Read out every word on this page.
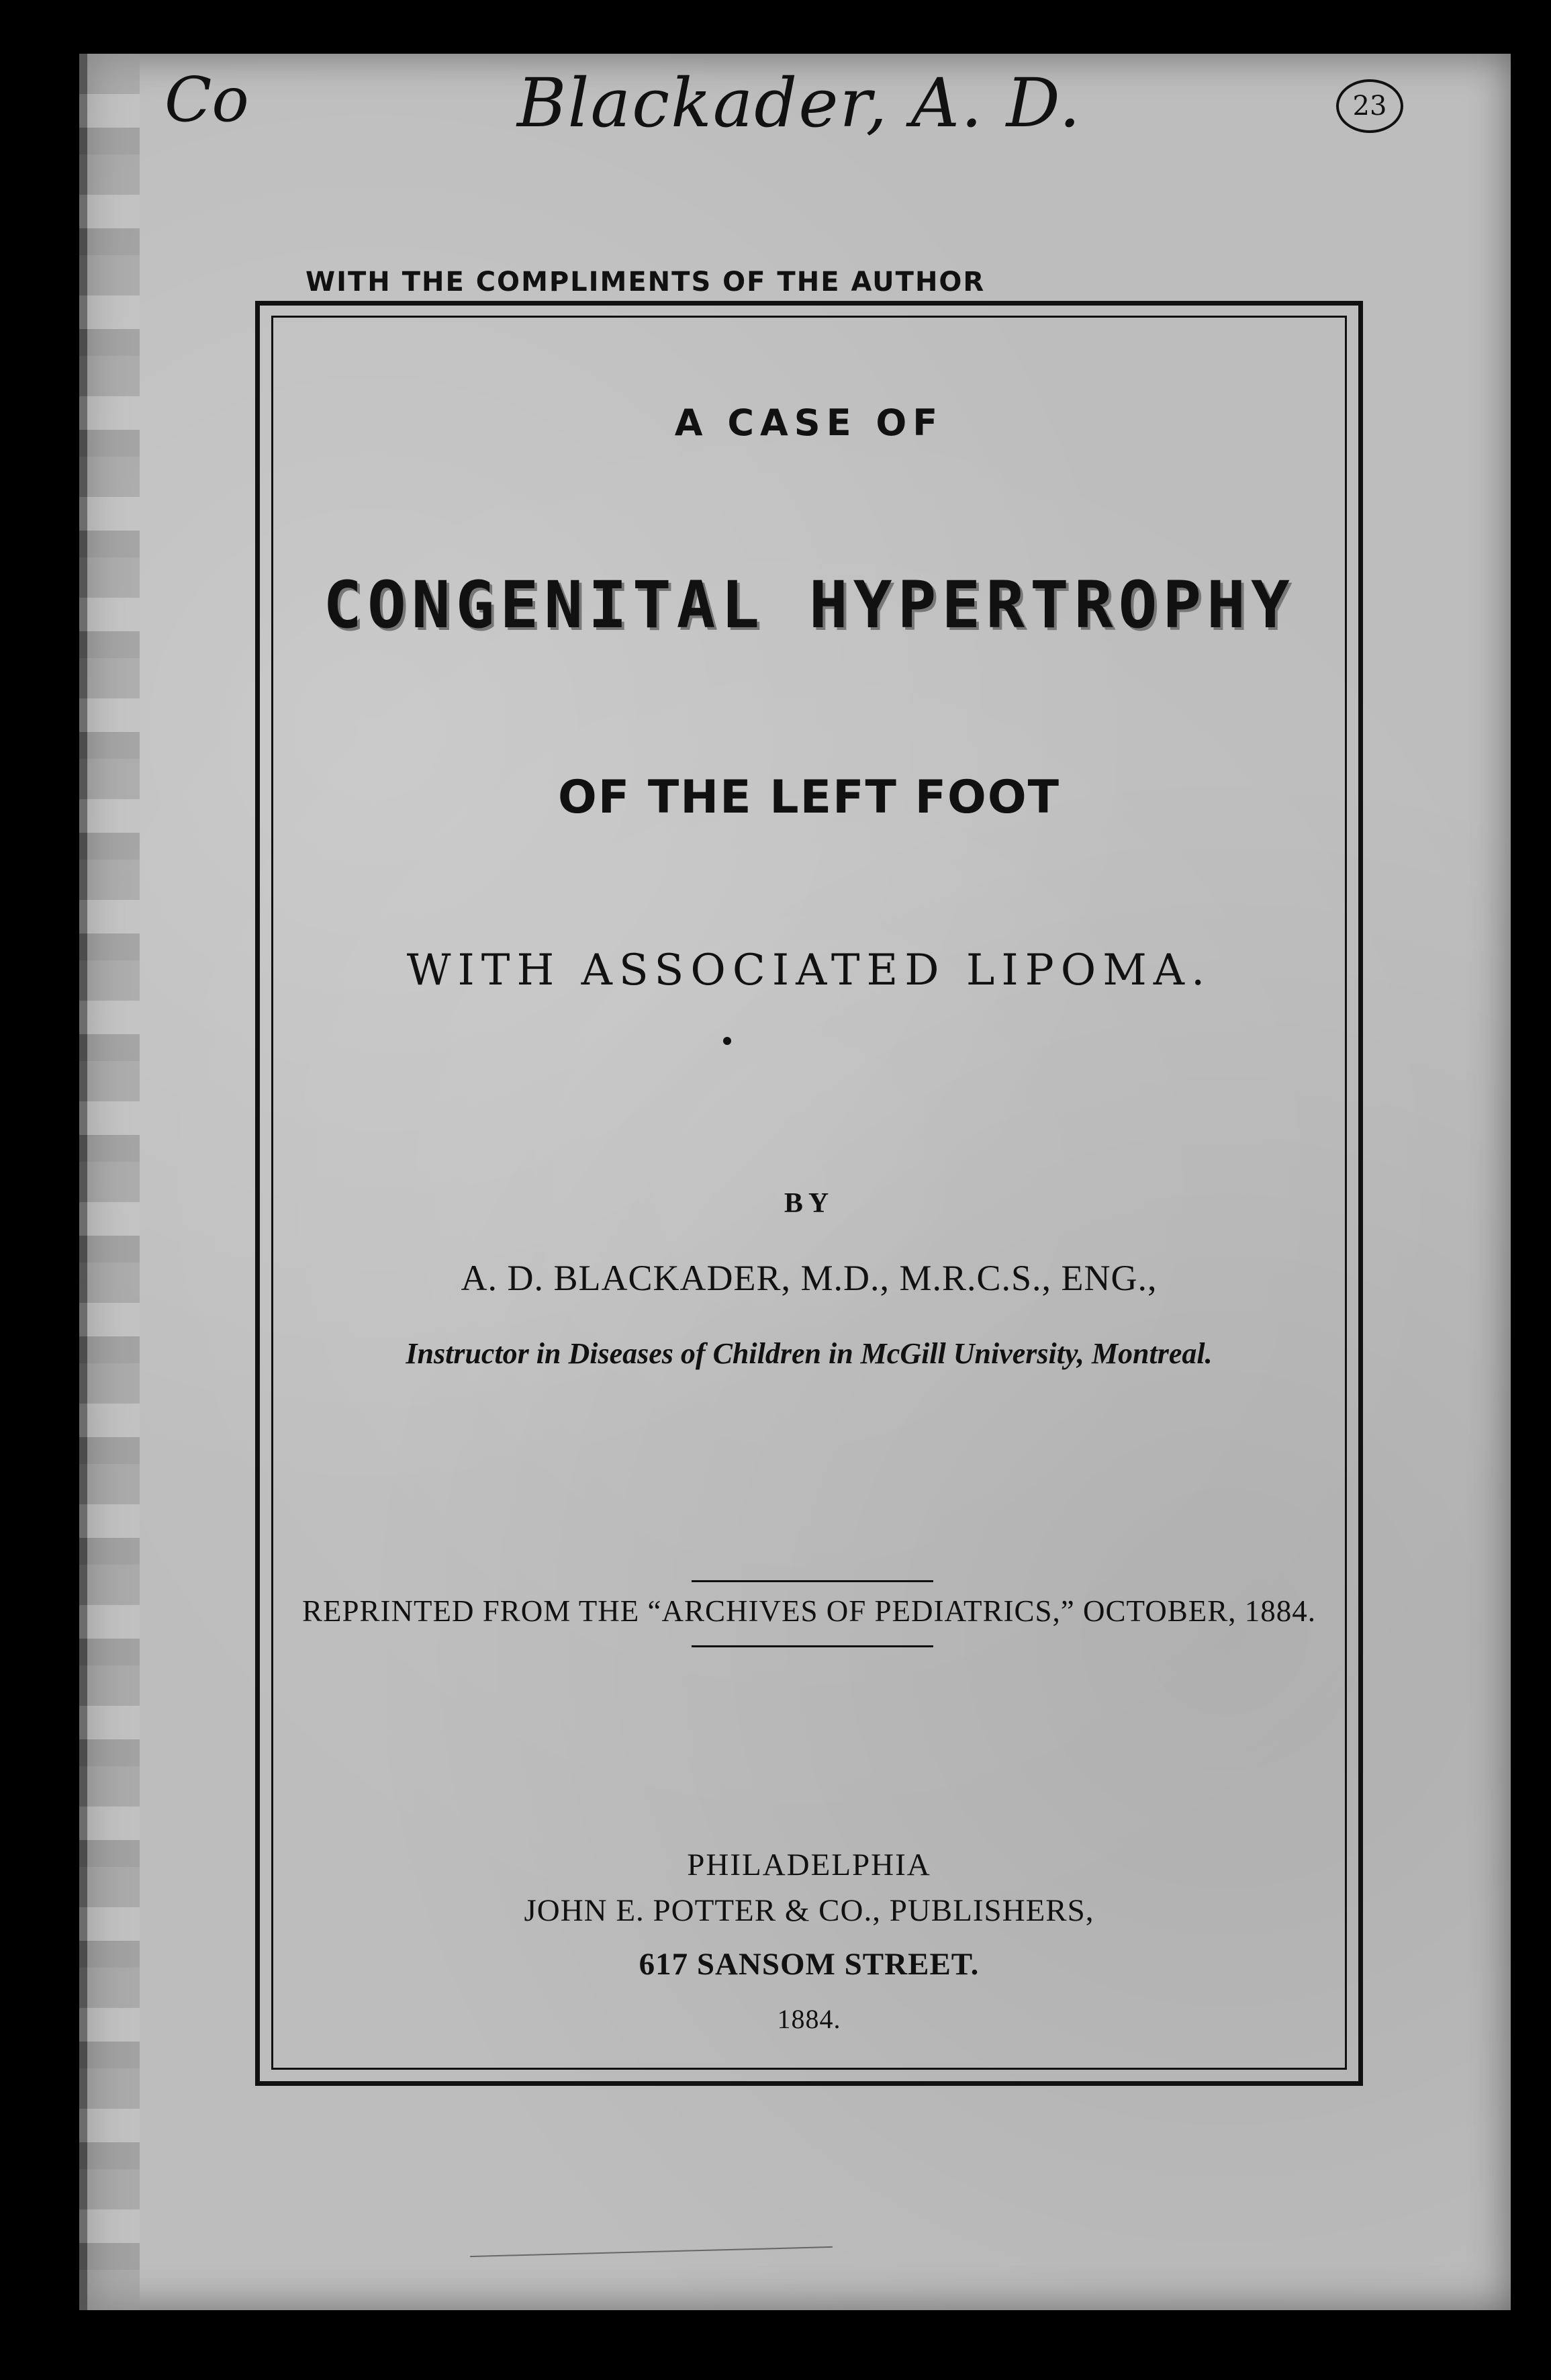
Co	Blackader, A. D.	23
WITH THE COMPLIMENTS OF THE AUTHOR
A CASE OF
CONGENITAL HYPERTROPHY
OF THE LEFT FOOT
WITH ASSOCIATED LIPOMA.
BY
A. D. BLACKADER, M.D., M.R.C.S., ENG.,
Instructor in Diseases of Children in McGill University, Montreal.
REPRINTED FROM THE “ARCHIVES OF PEDIATRICS,” OCTOBER, 1884.
PHILADELPHIA
JOHN E. POTTER & CO., PUBLISHERS,
617 SANSOM STREET.
1884.
